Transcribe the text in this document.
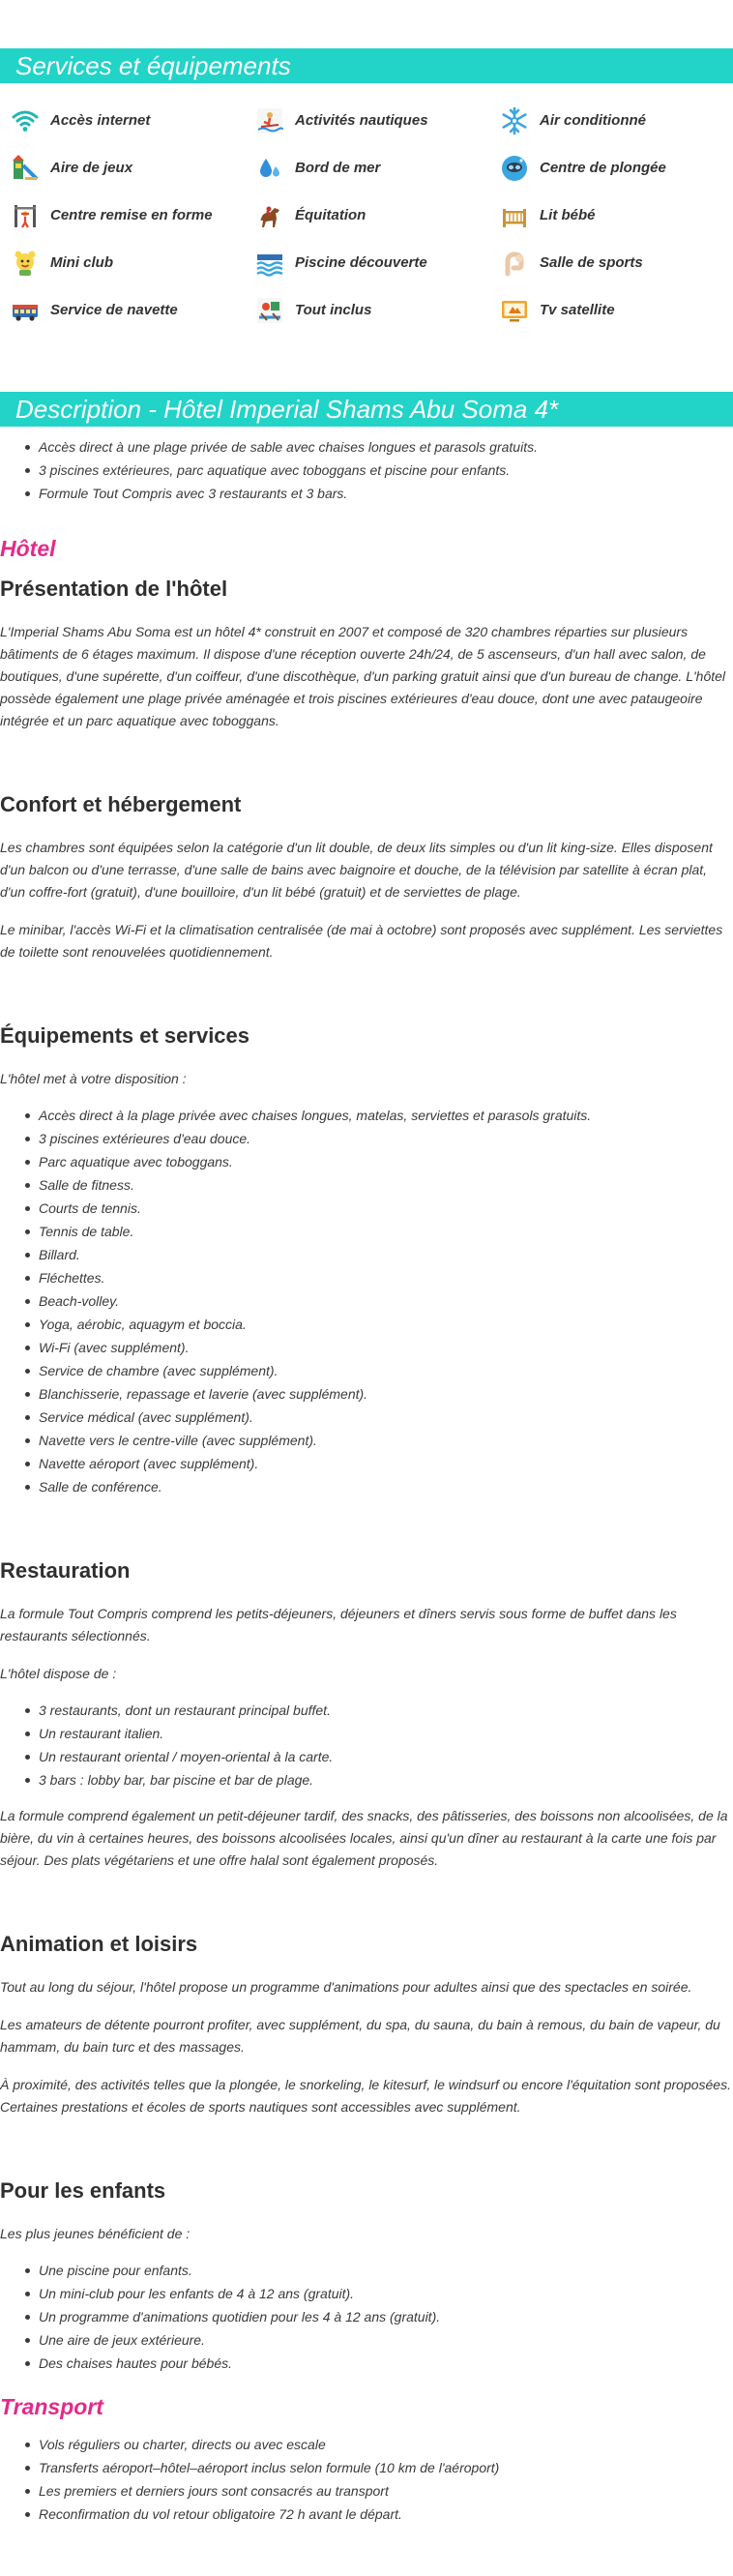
Services et équipements
Accès internet	Activités nautiques	Air conditionné
Aire de jeux	Bord de mer	Centre de plongée
Centre remise en forme	Équitation	Lit bébé
Mini club	Piscine découverte	Salle de sports
Service de navette	Tout inclus	Tv satellite
Description - Hôtel Imperial Shams Abu Soma 4*
Accès direct à une plage privée de sable avec chaises longues et parasols gratuits.
3 piscines extérieures, parc aquatique avec toboggans et piscine pour enfants.
Formule Tout Compris avec 3 restaurants et 3 bars.
Hôtel
Présentation de l'hôtel

L'Imperial Shams Abu Soma est un hôtel 4* construit en 2007 et composé de 320 chambres réparties sur plusieurs bâtiments de 6 étages maximum. Il dispose d'une réception ouverte 24h/24, de 5 ascenseurs, d'un hall avec salon, de boutiques, d'une supérette, d'un coiffeur, d'une discothèque, d'un parking gratuit ainsi que d'un bureau de change. L'hôtel possède également une plage privée aménagée et trois piscines extérieures d'eau douce, dont une avec pataugeoire intégrée et un parc aquatique avec toboggans.

Confort et hébergement

Les chambres sont équipées selon la catégorie d'un lit double, de deux lits simples ou d'un lit king-size. Elles disposent d'un balcon ou d'une terrasse, d'une salle de bains avec baignoire et douche, de la télévision par satellite à écran plat, d'un coffre-fort (gratuit), d'une bouilloire, d'un lit bébé (gratuit) et de serviettes de plage.

Le minibar, l'accès Wi-Fi et la climatisation centralisée (de mai à octobre) sont proposés avec supplément. Les serviettes de toilette sont renouvelées quotidiennement.

Équipements et services

L'hôtel met à votre disposition :

Accès direct à la plage privée avec chaises longues, matelas, serviettes et parasols gratuits.
3 piscines extérieures d'eau douce.
Parc aquatique avec toboggans.
Salle de fitness.
Courts de tennis.
Tennis de table.
Billard.
Fléchettes.
Beach-volley.
Yoga, aérobic, aquagym et boccia.
Wi-Fi (avec supplément).
Service de chambre (avec supplément).
Blanchisserie, repassage et laverie (avec supplément).
Service médical (avec supplément).
Navette vers le centre-ville (avec supplément).
Navette aéroport (avec supplément).
Salle de conférence.
Restauration

La formule Tout Compris comprend les petits-déjeuners, déjeuners et dîners servis sous forme de buffet dans les restaurants sélectionnés.

L'hôtel dispose de :

3 restaurants, dont un restaurant principal buffet.
Un restaurant italien.
Un restaurant oriental / moyen-oriental à la carte.
3 bars : lobby bar, bar piscine et bar de plage.

La formule comprend également un petit-déjeuner tardif, des snacks, des pâtisseries, des boissons non alcoolisées, de la bière, du vin à certaines heures, des boissons alcoolisées locales, ainsi qu'un dîner au restaurant à la carte une fois par séjour. Des plats végétariens et une offre halal sont également proposés.

Animation et loisirs

Tout au long du séjour, l'hôtel propose un programme d'animations pour adultes ainsi que des spectacles en soirée.

Les amateurs de détente pourront profiter, avec supplément, du spa, du sauna, du bain à remous, du bain de vapeur, du hammam, du bain turc et des massages.

À proximité, des activités telles que la plongée, le snorkeling, le kitesurf, le windsurf ou encore l'équitation sont proposées. Certaines prestations et écoles de sports nautiques sont accessibles avec supplément.

Pour les enfants

Les plus jeunes bénéficient de :

Une piscine pour enfants.
Un mini-club pour les enfants de 4 à 12 ans (gratuit).
Un programme d'animations quotidien pour les 4 à 12 ans (gratuit).
Une aire de jeux extérieure.
Des chaises hautes pour bébés.
Transport
Vols réguliers ou charter, directs ou avec escale
Transferts aéroport–hôtel–aéroport inclus selon formule (10 km de l'aéroport)
Les premiers et derniers jours sont consacrés au transport
Reconfirmation du vol retour obligatoire 72 h avant le départ.
